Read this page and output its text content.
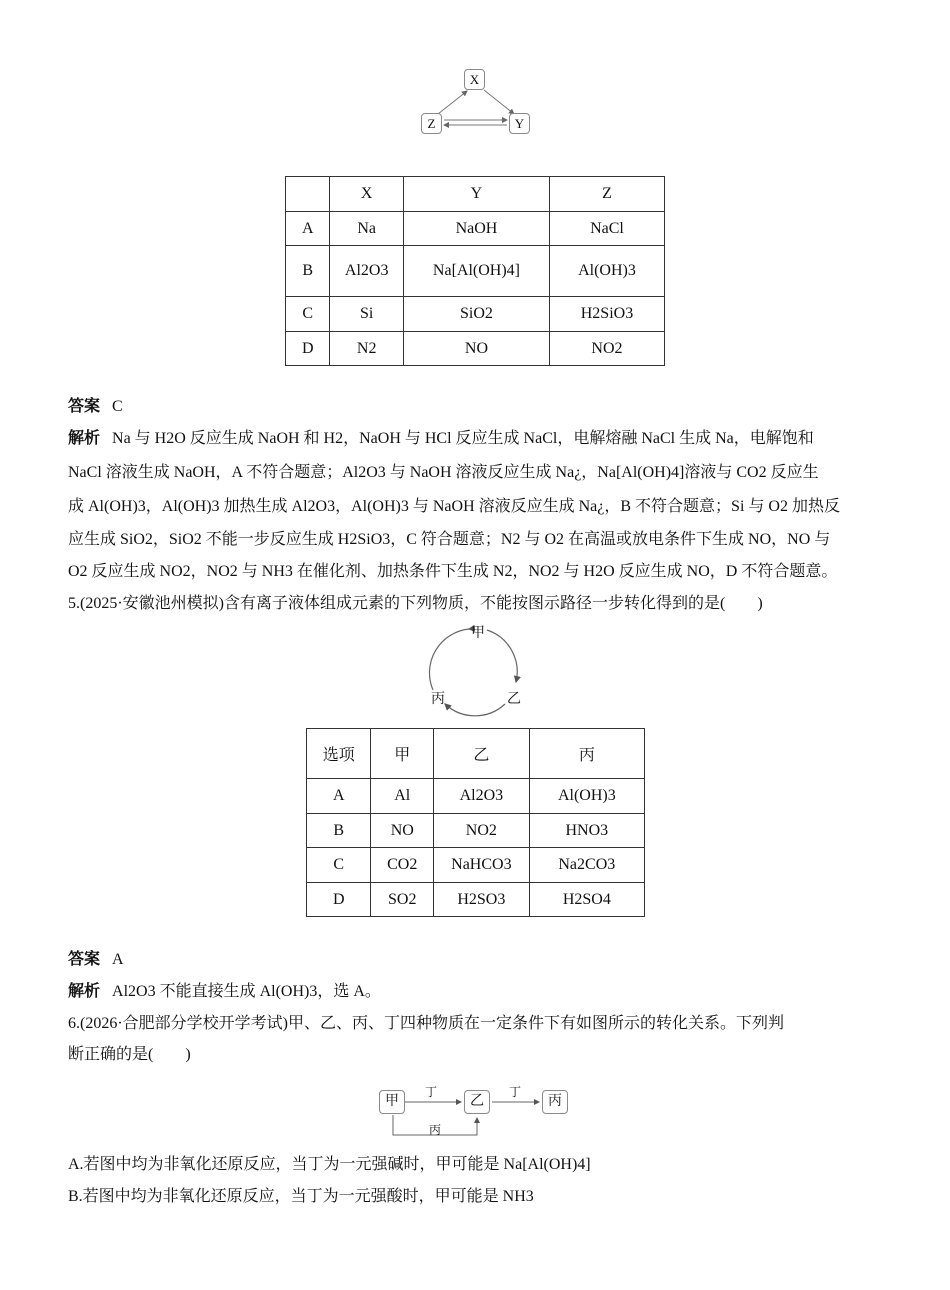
X
Z	Y
	X	Y	Z
A	Na	NaOH	NaCl
B	Al2O3	Na[Al(OH)4]	Al(OH)3
C	Si	SiO2	H2SiO3
D	N2	NO	NO2
答案 C
解析 Na 与 H2O 反应生成 NaOH 和 H2，NaOH 与 HCl 反应生成 NaCl，电解熔融 NaCl 生成 Na，电解饱和
NaCl 溶液生成 NaOH，A 不符合题意；Al2O3 与 NaOH 溶液反应生成 Na¿，Na[Al(OH)4]溶液与 CO2 反应生
成 Al(OH)3，Al(OH)3 加热生成 Al2O3，Al(OH)3 与 NaOH 溶液反应生成 Na¿，B 不符合题意；Si 与 O2 加热反
应生成 SiO2，SiO2 不能一步反应生成 H2SiO3，C 符合题意；N2 与 O2 在高温或放电条件下生成 NO，NO 与
O2 反应生成 NO2，NO2 与 NH3 在催化剂、加热条件下生成 N2，NO2 与 H2O 反应生成 NO，D 不符合题意。
5.(2025·安徽池州模拟)含有离子液体组成元素的下列物质，不能按图示路径一步转化得到的是(　　)
甲
乙
丙
选项	甲	乙	丙
A	Al	Al2O3	Al(OH)3
B	NO	NO2	HNO3
C	CO2	NaHCO3	Na2CO3
D	SO2	H2SO3	H2SO4
答案 A
解析 Al2O3 不能直接生成 Al(OH)3，选 A。
6.(2026·合肥部分学校开学考试)甲、乙、丙、丁四种物质在一定条件下有如图所示的转化关系。下列判
断正确的是(　　)
甲	乙	丙
丁	丁
丙
A.若图中均为非氧化还原反应，当丁为一元强碱时，甲可能是 Na[Al(OH)4]
B.若图中均为非氧化还原反应，当丁为一元强酸时，甲可能是 NH3
